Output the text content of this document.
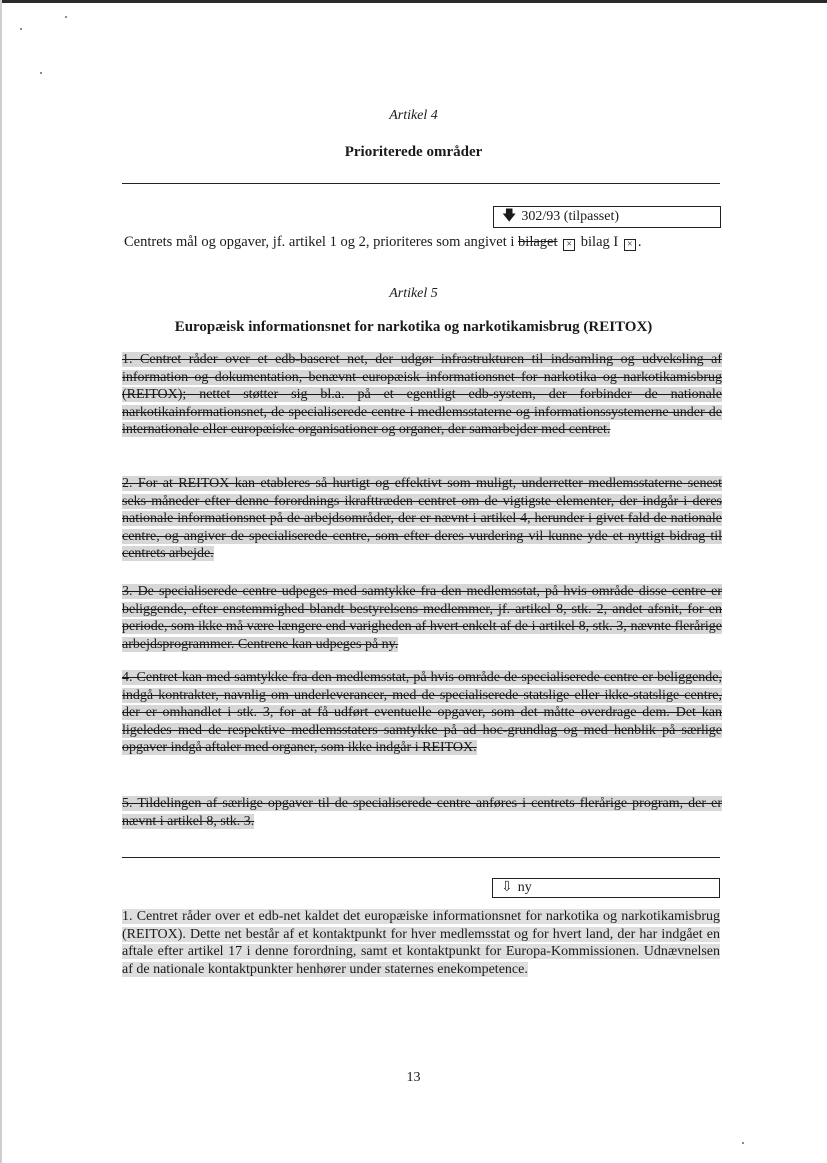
Artikel 4
Prioriterede områder
🡇 302/93 (tilpasset)
Centrets mål og opgaver, jf. artikel 1 og 2, prioriteres som angivet i bilaget × bilag I × .
Artikel 5
Europæisk informationsnet for narkotika og narkotikamisbrug (REITOX)
1. Centret råder over et edb-baseret net, der udgør infrastrukturen til indsamling og udveksling af information og dokumentation, benævnt europæisk informationsnet for narkotika og narkotikamisbrug (REITOX); nettet støtter sig bl.a. på et egentligt edb-system, der forbinder de nationale narkotikainformationsnet, de specialiserede centre i medlemsstaterne og informationssystemerne under de internationale eller europæiske organisationer og organer, der samarbejder med centret.
2. For at REITOX kan etableres så hurtigt og effektivt som muligt, underretter medlemsstaterne senest seks måneder efter denne forordnings ikrafttræden centret om de vigtigste elementer, der indgår i deres nationale informationsnet på de arbejdsområder, der er nævnt i artikel 4, herunder i givet fald de nationale centre, og angiver de specialiserede centre, som efter deres vurdering vil kunne yde et nyttigt bidrag til centrets arbejde.
3. De specialiserede centre udpeges med samtykke fra den medlemsstat, på hvis område disse centre er beliggende, efter enstemmighed blandt bestyrelsens medlemmer, jf. artikel 8, stk. 2, andet afsnit, for en periode, som ikke må være længere end varigheden af hvert enkelt af de i artikel 8, stk. 3, nævnte flerårige arbejdsprogrammer. Centrene kan udpeges på ny.
4. Centret kan med samtykke fra den medlemsstat, på hvis område de specialiserede centre er beliggende, indgå kontrakter, navnlig om underleverancer, med de specialiserede statslige eller ikke-statslige centre, der er omhandlet i stk. 3, for at få udført eventuelle opgaver, som det måtte overdrage dem. Det kan ligeledes med de respektive medlemsstaters samtykke på ad hoc-grundlag og med henblik på særlige opgaver indgå aftaler med organer, som ikke indgår i REITOX.
5. Tildelingen af særlige opgaver til de specialiserede centre anføres i centrets flerårige program, der er nævnt i artikel 8, stk. 3.
⇩ ny
1. Centret råder over et edb-net kaldet det europæiske informationsnet for narkotika og narkotikamisbrug (REITOX). Dette net består af et kontaktpunkt for hver medlemsstat og for hvert land, der har indgået en aftale efter artikel 17 i denne forordning, samt et kontaktpunkt for Europa-Kommissionen. Udnævnelsen af de nationale kontaktpunkter henhører under staternes enekompetence.
13
